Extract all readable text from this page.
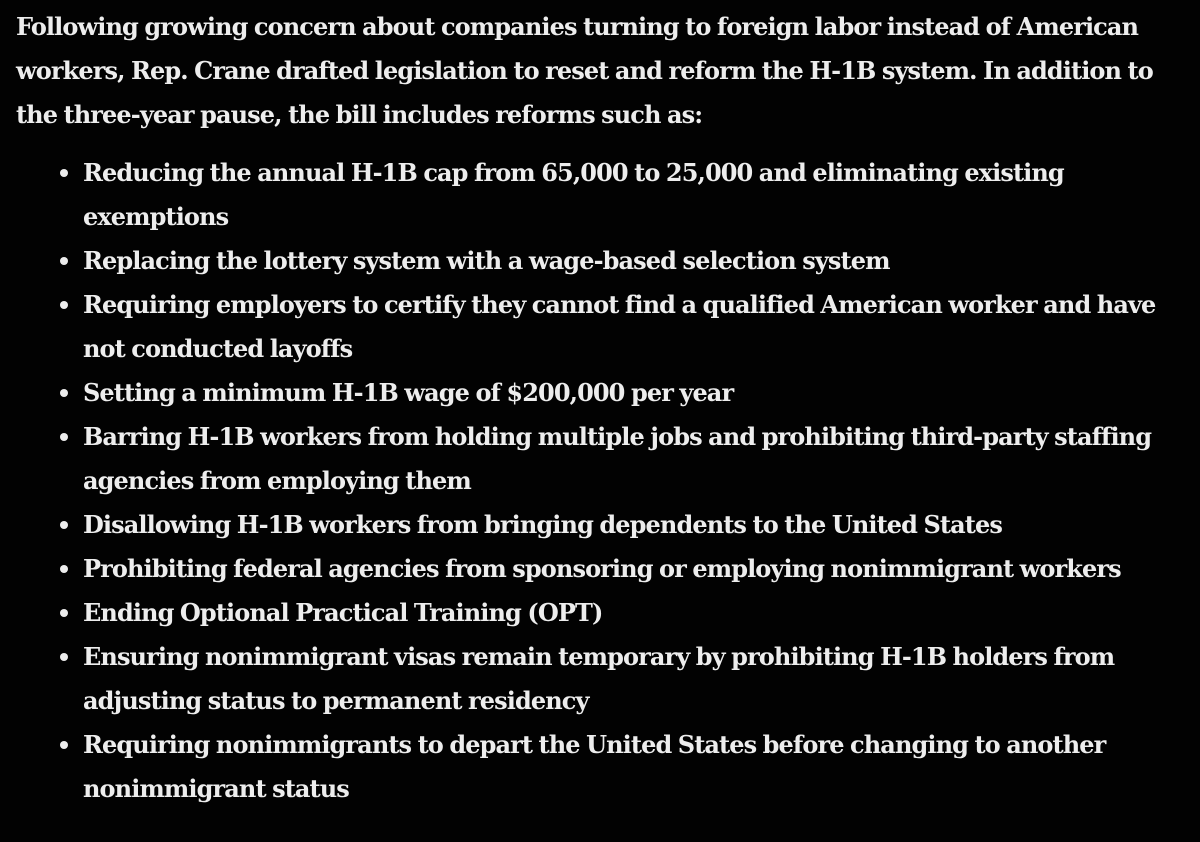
Following growing concern about companies turning to foreign labor instead of American workers, Rep. Crane drafted legislation to reset and reform the H-1B system. In addition to the three-year pause, the bill includes reforms such as:

Reducing the annual H-1B cap from 65,000 to 25,000 and eliminating existing exemptions
Replacing the lottery system with a wage-based selection system
Requiring employers to certify they cannot find a qualified American worker and have not conducted layoffs
Setting a minimum H-1B wage of $200,000 per year
Barring H-1B workers from holding multiple jobs and prohibiting third-party staffing agencies from employing them
Disallowing H-1B workers from bringing dependents to the United States
Prohibiting federal agencies from sponsoring or employing nonimmigrant workers
Ending Optional Practical Training (OPT)
Ensuring nonimmigrant visas remain temporary by prohibiting H-1B holders from adjusting status to permanent residency
Requiring nonimmigrants to depart the United States before changing to another nonimmigrant status
